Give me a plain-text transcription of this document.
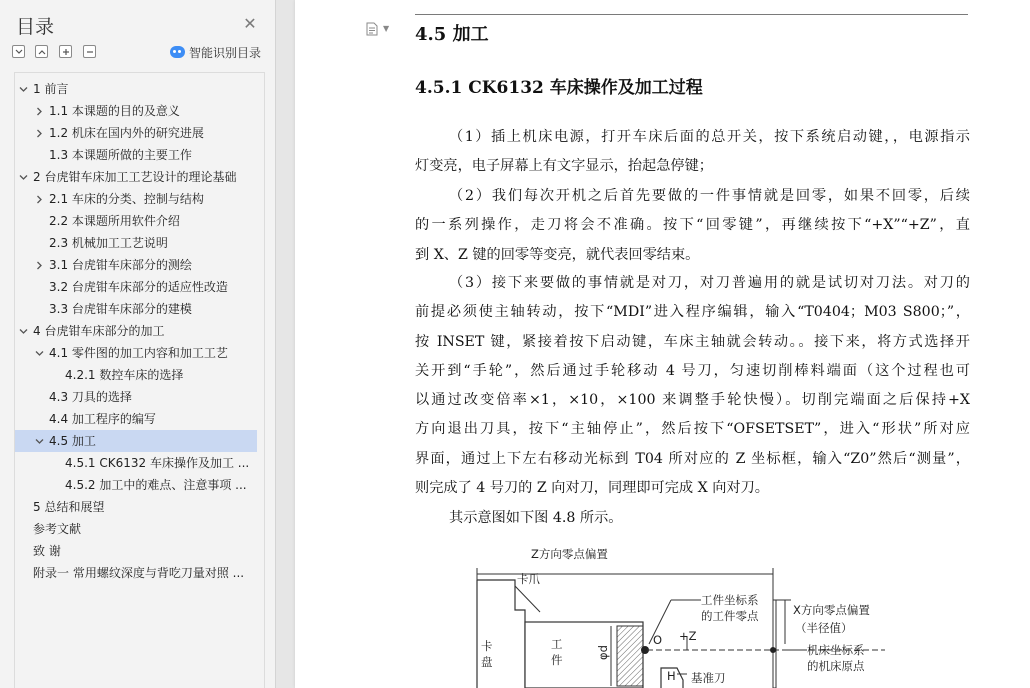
目录	✕
智能识别目录
1 前言
1.1 本课题的目的及意义
1.2 机床在国内外的研究进展
1.3 本课题所做的主要工作
2 台虎钳车床加工工艺设计的理论基础
2.1 车床的分类、控制与结构
2.2 本课题所用软件介绍
2.3 机械加工工艺说明
3.1 台虎钳车床部分的测绘
3.2 台虎钳车床部分的适应性改造
3.3 台虎钳车床部分的建模
4 台虎钳车床部分的加工
4.1 零件图的加工内容和加工工艺
4.2.1 数控车床的选择
4.3 刀具的选择
4.4 加工程序的编写
4.5 加工
4.5.1 CK6132 车床操作及加工 ...
4.5.2 加工中的难点、注意事项 ...
5 总结和展望
参考文献
致 谢
附录一 常用螺纹深度与背吃刀量对照 ...
▼ 4.5 加工
4.5.1 CK6132 车床操作及加工过程
（1）插上机床电源，打开车床后面的总开关，按下系统启动键，，电源指示
灯变亮，电子屏幕上有文字显示，抬起急停键；
（2）我们每次开机之后首先要做的一件事情就是回零，如果不回零，后续
的一系列操作，走刀将会不准确。按下“回零键”，再继续按下“+X”“+Z”，直
到 X、Z 键的回零等变亮，就代表回零结束。
（3）接下来要做的事情就是对刀，对刀普遍用的就是试切对刀法。对刀的
前提必须使主轴转动，按下“MDI”进入程序编辑，输入“T0404；M03 S800；”，
按 INSET 键，紧接着按下启动键，车床主轴就会转动。。接下来，将方式选择开
关开到“手轮”，然后通过手轮移动 4 号刀，匀速切削棒料端面（这个过程也可
以通过改变倍率×1，×10，×100 来调整手轮快慢）。切削完端面之后保持+X
方向退出刀具，按下“主轴停止”，然后按下“OFSETSET”，进入“形状”所对应
界面，通过上下左右移动光标到 T04 所对应的 Z 坐标框，输入“Z0”然后“测量”，
则完成了 4 号刀的 Z 向对刀，同理即可完成 X 向对刀。
其示意图如下图 4.8 所示。
Z方向零点偏置
卡爪
卡
盘
工
件	φd
O +Z
工件坐标系
的工件零点	X方向零点偏置
（半径值）
机床坐标系
的机床原点
H 基准刀
